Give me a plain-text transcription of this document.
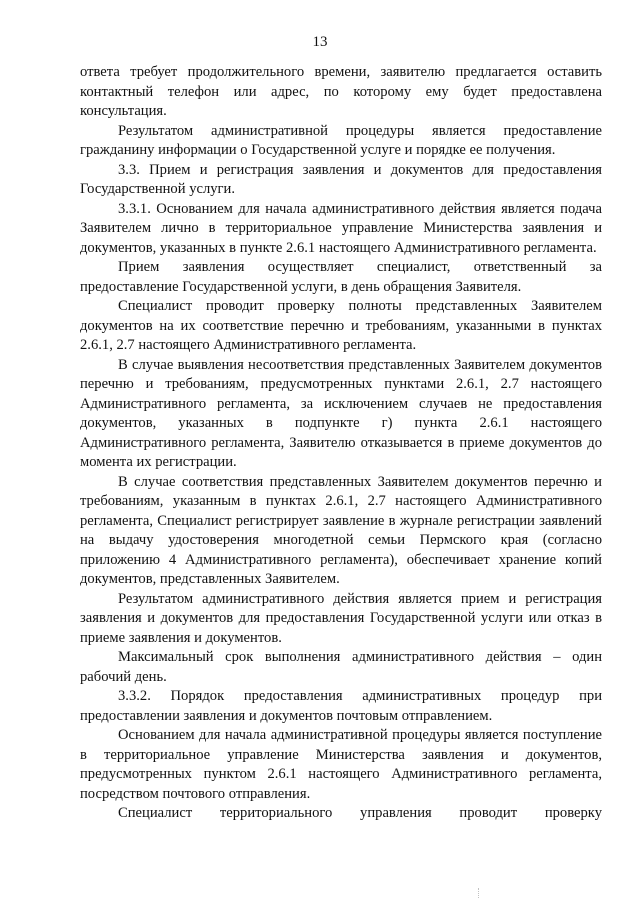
13

ответа требует продолжительного времени, заявителю предлагается оставить контактный телефон или адрес, по которому ему будет предоставлена консультация.

Результатом административной процедуры является предоставление гражданину информации о Государственной услуге и порядке ее получения.

3.3. Прием и регистрация заявления и документов для предоставления Государственной услуги.

3.3.1. Основанием для начала административного действия является подача Заявителем лично в территориальное управление Министерства заявления и документов, указанных в пункте 2.6.1 настоящего Административного регламента.

Прием заявления осуществляет специалист, ответственный за предоставление Государственной услуги, в день обращения Заявителя.

Специалист проводит проверку полноты представленных Заявителем документов на их соответствие перечню и требованиям, указанными в пунктах 2.6.1, 2.7 настоящего Административного регламента.

В случае выявления несоответствия представленных Заявителем документов перечню и требованиям, предусмотренных пунктами 2.6.1, 2.7 настоящего Административного регламента, за исключением случаев не предоставления документов, указанных в подпункте г) пункта 2.6.1 настоящего Административного регламента, Заявителю отказывается в приеме документов до момента их регистрации.

В случае соответствия представленных Заявителем документов перечню и требованиям, указанным в пунктах 2.6.1, 2.7 настоящего Административного регламента, Специалист регистрирует заявление в журнале регистрации заявлений на выдачу удостоверения многодетной семьи Пермского края (согласно приложению 4 Административного регламента), обеспечивает хранение копий документов, представленных Заявителем.

Результатом административного действия является прием и регистрация заявления и документов для предоставления Государственной услуги или отказ в приеме заявления и документов.

Максимальный срок выполнения административного действия – один рабочий день.

3.3.2. Порядок предоставления административных процедур при предоставлении заявления и документов почтовым отправлением.

Основанием для начала административной процедуры является поступление в территориальное управление Министерства заявления и документов, предусмотренных пунктом 2.6.1 настоящего Административного регламента, посредством почтового отправления.

Специалист территориального управления проводит проверку
